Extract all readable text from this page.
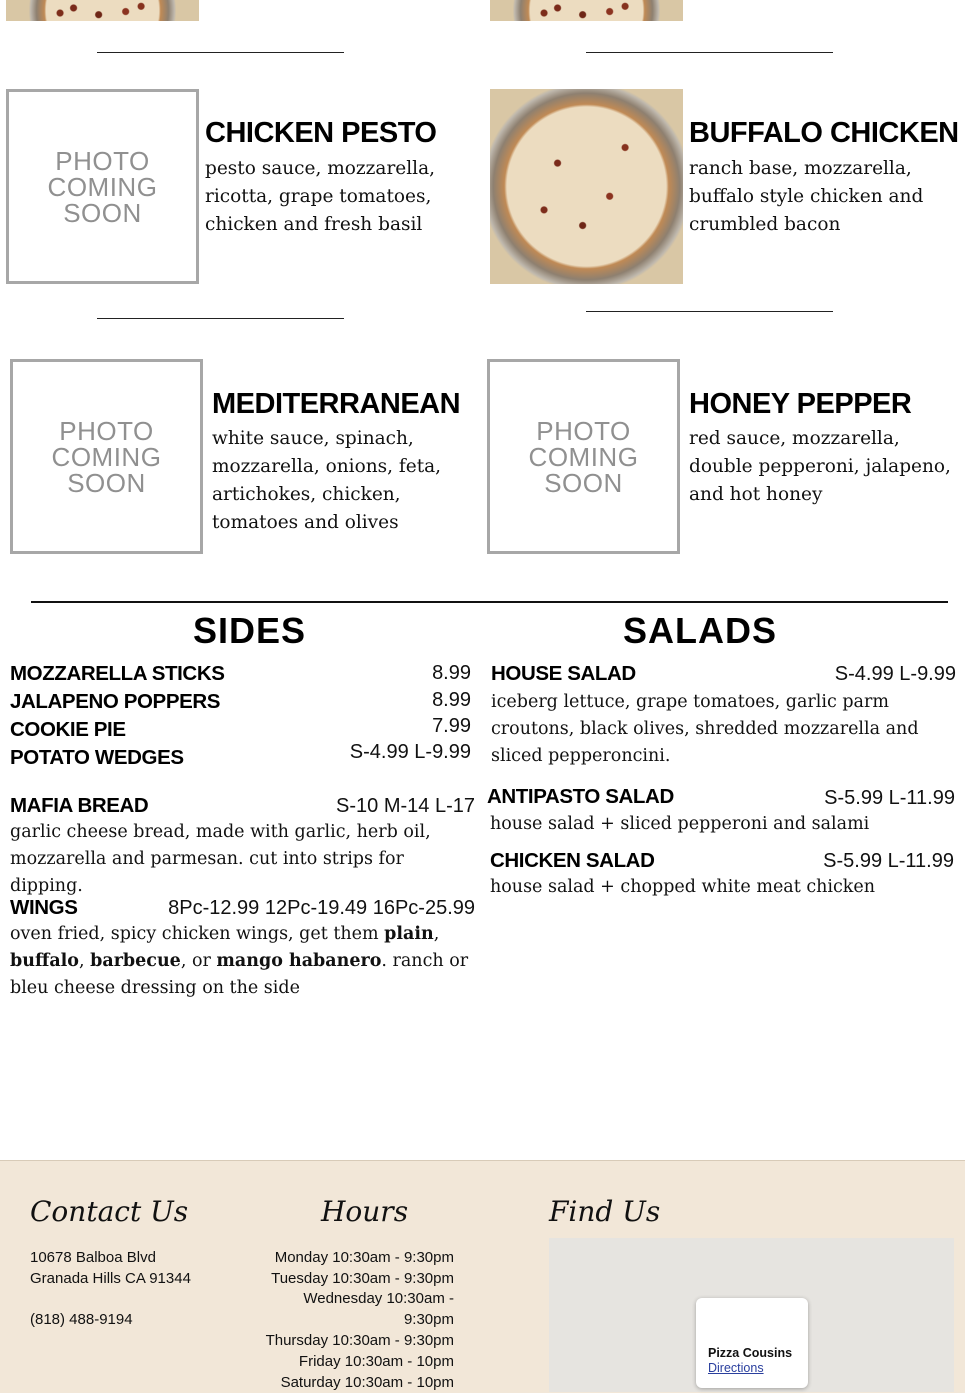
PHOTO COMING SOON
CHICKEN PESTO
pesto sauce, mozzarella, ricotta, grape tomatoes, chicken and fresh basil
BUFFALO CHICKEN
ranch base, mozzarella, buffalo style chicken and crumbled bacon
PHOTO COMING SOON
MEDITERRANEAN
white sauce, spinach, mozzarella, onions, feta, artichokes, chicken, tomatoes and olives
PHOTO COMING SOON
HONEY PEPPER
red sauce, mozzarella, double pepperoni, jalapeno, and hot honey
SIDES
MOZZARELLA STICKS	8.99
JALAPENO POPPERS	8.99
COOKIE PIE	7.99
POTATO WEDGES	S-4.99 L-9.99
MAFIA BREAD	S-10 M-14 L-17
garlic cheese bread, made with garlic, herb oil, mozzarella and parmesan. cut into strips for dipping.
WINGS	8Pc-12.99 12Pc-19.49 16Pc-25.99
oven fried, spicy chicken wings, get them plain, buffalo, barbecue, or mango habanero. ranch or bleu cheese dressing on the side
SALADS
HOUSE SALAD	S-4.99 L-9.99
iceberg lettuce, grape tomatoes, garlic parm croutons, black olives, shredded mozzarella and sliced pepperoncini.
ANTIPASTO SALAD	S-5.99 L-11.99
house salad + sliced pepperoni and salami
CHICKEN SALAD	S-5.99 L-11.99
house salad + chopped white meat chicken
Contact Us
10678 Balboa Blvd
Granada Hills CA 91344
(818) 488-9194
Hours
Monday 10:30am - 9:30pm
Tuesday 10:30am - 9:30pm
Wednesday 10:30am -
9:30pm
Thursday 10:30am - 9:30pm
Friday 10:30am - 10pm
Saturday 10:30am - 10pm
Find Us
Pizza Cousins
Directions
